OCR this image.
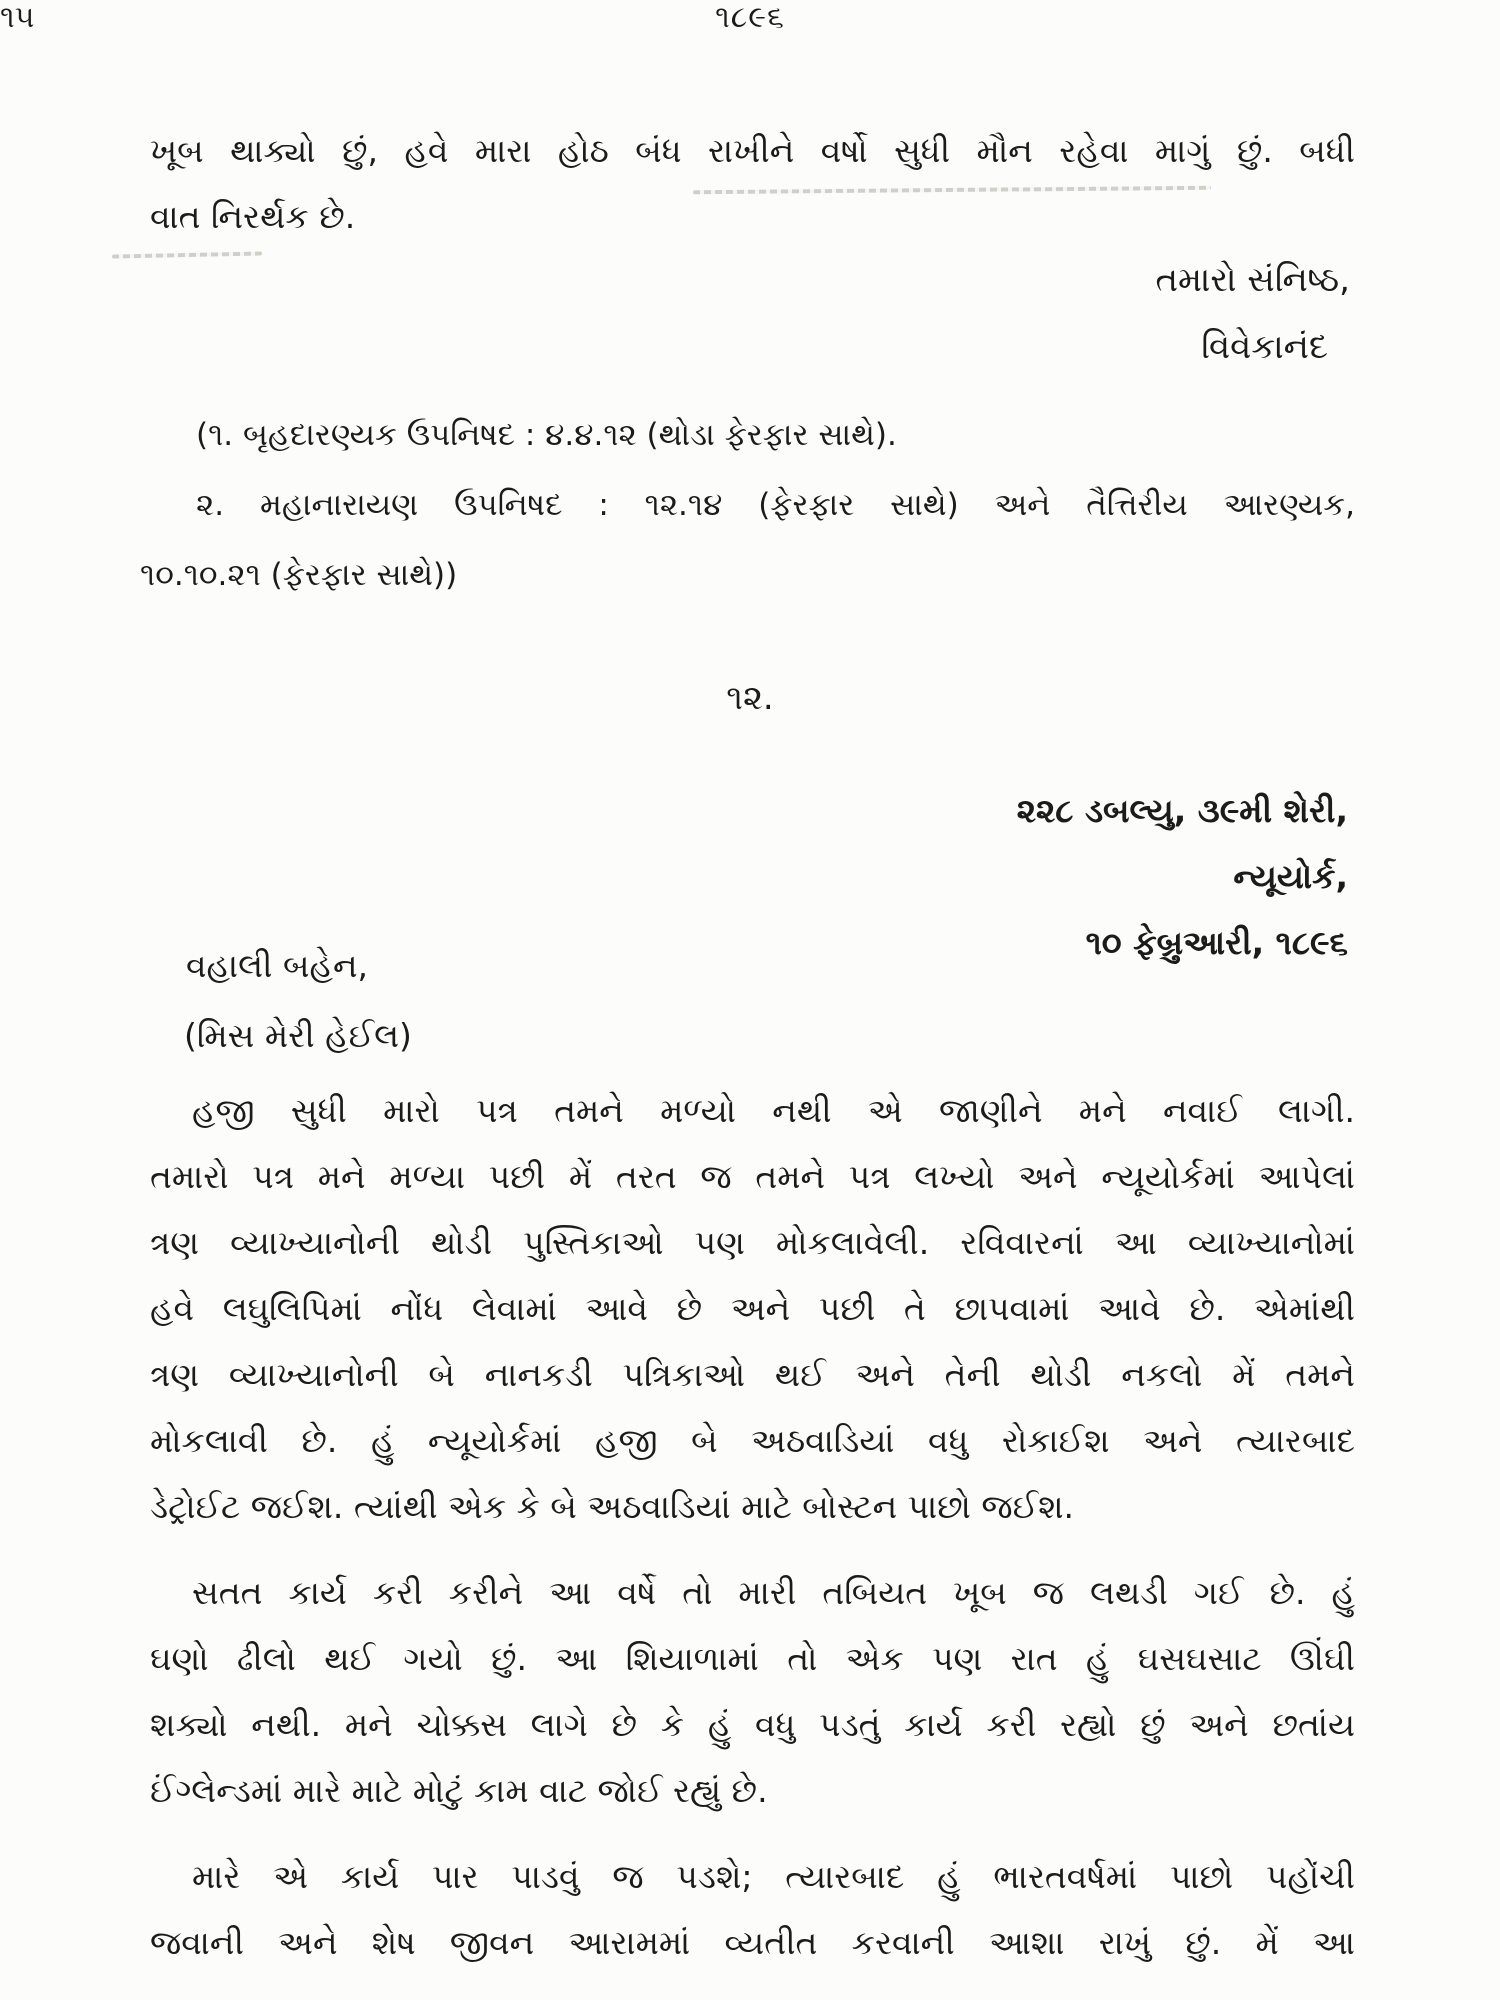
૧૮૯૬
૧૫
ખૂબ થાક્યો છું, હવે મારા હોઠ બંધ રાખીને વર્ષો સુધી મૌન રહેવા માગું છું. બધી
વાત નિરર્થક છે.
તમારો સંનિષ્ઠ,
વિવેકાનંદ
(૧. બૃહદારણ્યક ઉપનિષદ : ૪.૪.૧૨ (થોડા ફેરફાર સાથે).
૨. મહાનારાયણ ઉપનિષદ : ૧૨.૧૪ (ફેરફાર સાથે) અને તૈત્તિરીય આરણ્યક,
૧૦.૧૦.૨૧ (ફેરફાર સાથે))
૧૨.
૨૨૮ ડબલ્યુ, ૩૯મી શેરી,
ન્યૂયોર્ક,
૧૦ ફેબ્રુઆરી, ૧૮૯૬
વહાલી બહેન,
(મિસ મેરી હેઈલ)
હજી સુધી મારો પત્ર તમને મળ્યો નથી એ જાણીને મને નવાઈ લાગી.
તમારો પત્ર મને મળ્યા પછી મેં તરત જ તમને પત્ર લખ્યો અને ન્યૂયોર્કમાં આપેલાં
ત્રણ વ્યાખ્યાનોની થોડી પુસ્તિકાઓ પણ મોકલાવેલી. રવિવારનાં આ વ્યાખ્યાનોમાં
હવે લઘુલિપિમાં નોંધ લેવામાં આવે છે અને પછી તે છાપવામાં આવે છે. એમાંથી
ત્રણ વ્યાખ્યાનોની બે નાનકડી પત્રિકાઓ થઈ અને તેની થોડી નકલો મેં તમને
મોકલાવી છે. હું ન્યૂયોર્કમાં હજી બે અઠવાડિયાં વધુ રોકાઈશ અને ત્યારબાદ
ડેટ્રોઈટ જઈશ. ત્યાંથી એક કે બે અઠવાડિયાં માટે બોસ્ટન પાછો જઈશ.
સતત કાર્ય કરી કરીને આ વર્ષે તો મારી તબિયત ખૂબ જ લથડી ગઈ છે. હું
ઘણો ઢીલો થઈ ગયો છું. આ શિયાળામાં તો એક પણ રાત હું ઘસઘસાટ ઊંઘી
શક્યો નથી. મને ચોક્કસ લાગે છે કે હું વધુ પડતું કાર્ય કરી રહ્યો છું અને છતાંય
ઈંગ્લેન્ડમાં મારે માટે મોટું કામ વાટ જોઈ રહ્યું છે.
મારે એ કાર્ય પાર પાડવું જ પડશે; ત્યારબાદ હું ભારતવર્ષમાં પાછો પહોંચી
જવાની અને શેષ જીવન આરામમાં વ્યતીત કરવાની આશા રાખું છું. મેં આ
